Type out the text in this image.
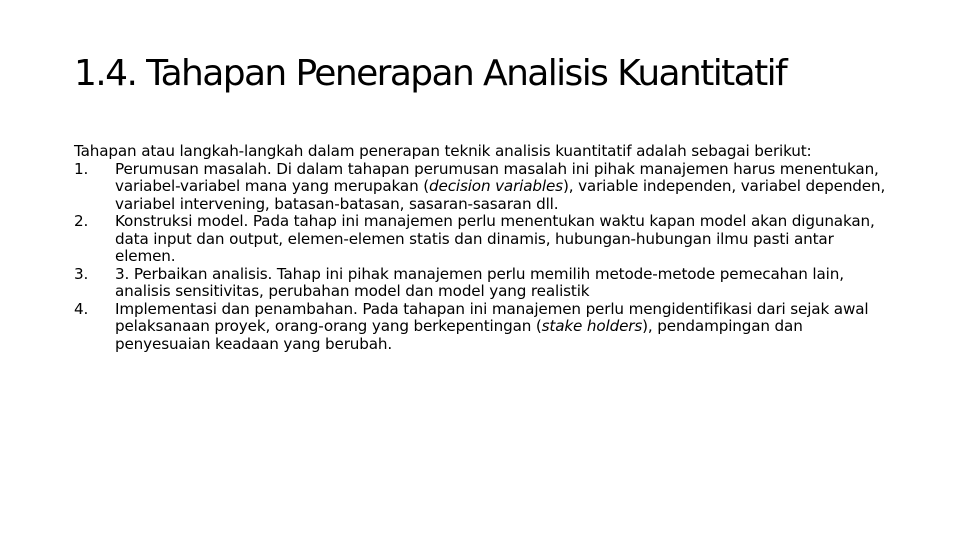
1.4. Tahapan Penerapan Analisis Kuantitatif

Tahapan atau langkah-langkah dalam penerapan teknik analisis kuantitatif adalah sebagai berikut:

1. Perumusan masalah. Di dalam tahapan perumusan masalah ini pihak manajemen harus menentukan, variabel-variabel mana yang merupakan (decision variables), variable independen, variabel dependen, variabel intervening, batasan-batasan, sasaran-sasaran dll.
2. Konstruksi model. Pada tahap ini manajemen perlu menentukan waktu kapan model akan digunakan, data input dan output, elemen-elemen statis dan dinamis, hubungan-hubungan ilmu pasti antar elemen.
3. 3. Perbaikan analisis. Tahap ini pihak manajemen perlu memilih metode-metode pemecahan lain, analisis sensitivitas, perubahan model dan model yang realistik
4. Implementasi dan penambahan. Pada tahapan ini manajemen perlu mengidentifikasi dari sejak awal pelaksanaan proyek, orang-orang yang berkepentingan (stake holders), pendampingan dan penyesuaian keadaan yang berubah.
